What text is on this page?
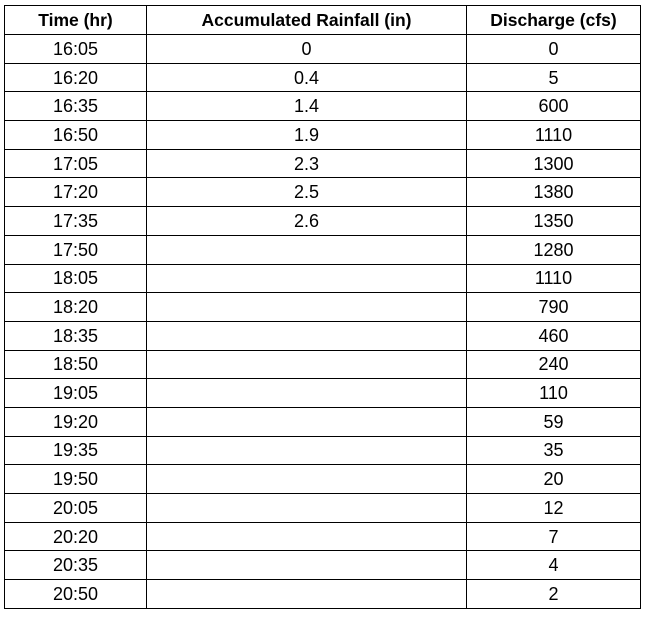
Time (hr)	Accumulated Rainfall (in)	Discharge (cfs)
16:05	0	0
16:20	0.4	5
16:35	1.4	600
16:50	1.9	1110
17:05	2.3	1300
17:20	2.5	1380
17:35	2.6	1350
17:50		1280
18:05		1110
18:20		790
18:35		460
18:50		240
19:05		110
19:20		59
19:35		35
19:50		20
20:05		12
20:20		7
20:35		4
20:50		2
